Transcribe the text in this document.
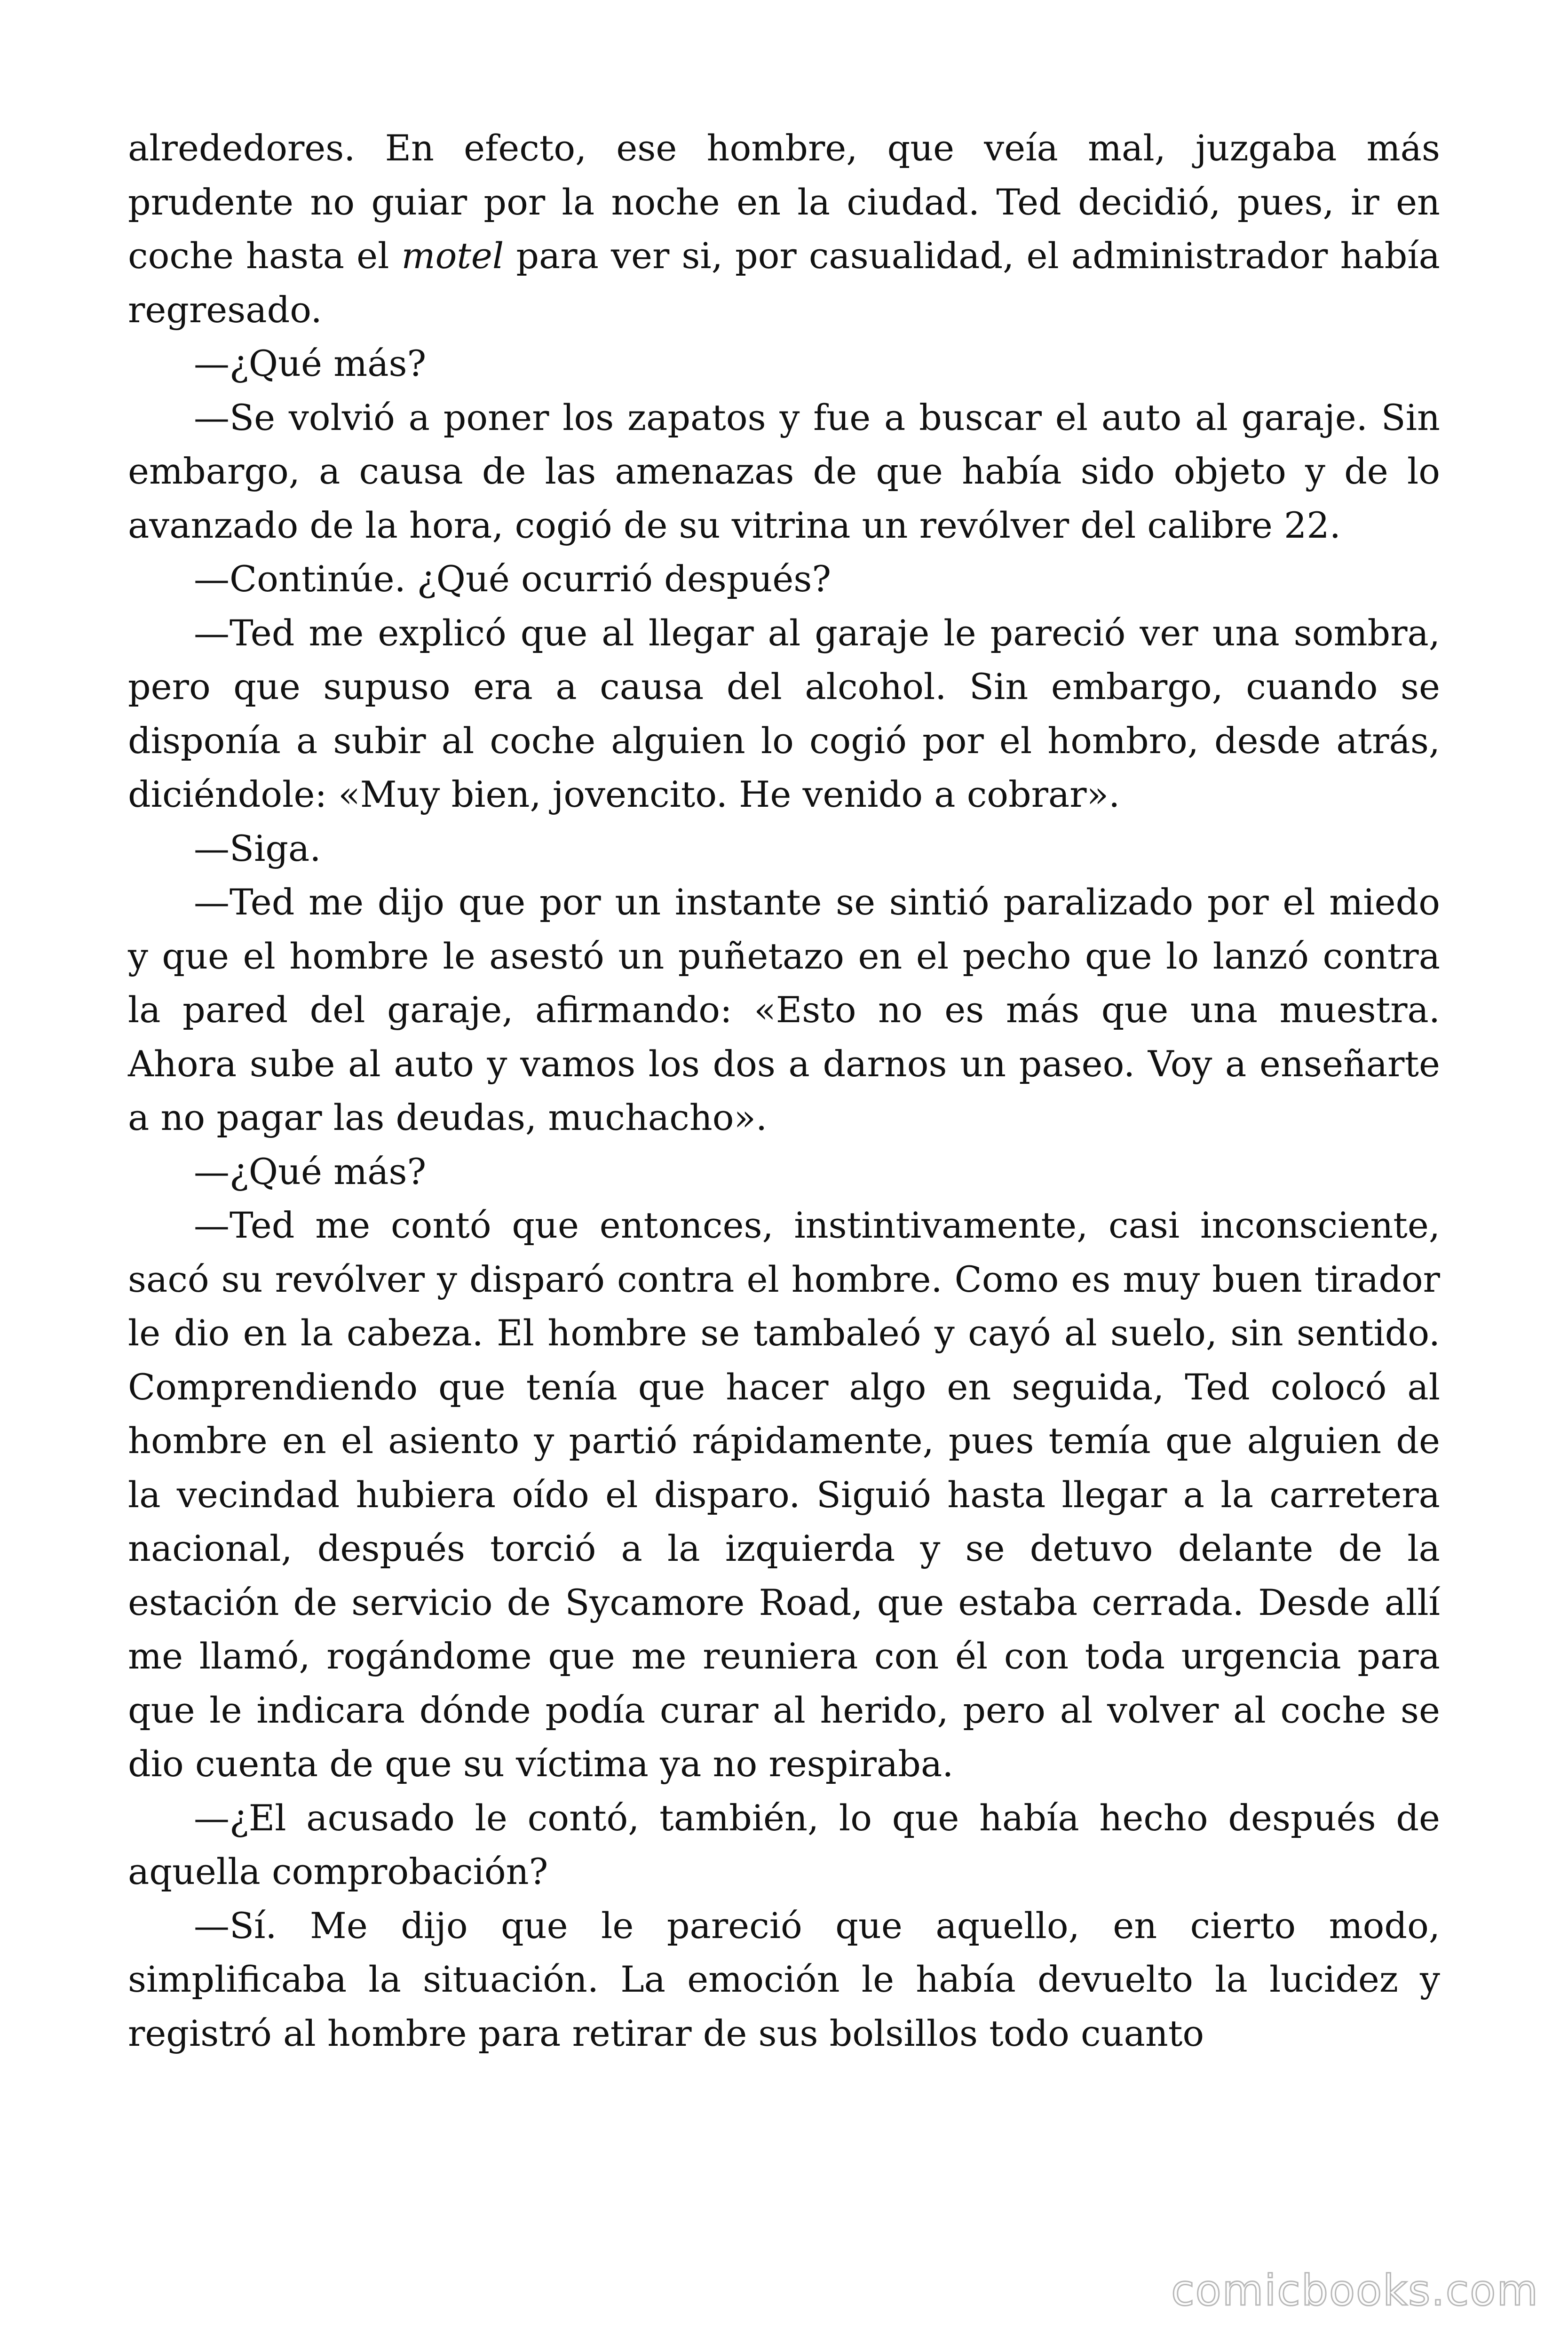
alrededores. En efecto, ese hombre, que veía mal, juzgaba más prudente no guiar por la noche en la ciudad. Ted decidió, pues, ir en coche hasta el motel para ver si, por casualidad, el administrador había regresado.

—¿Qué más?

—Se volvió a poner los zapatos y fue a buscar el auto al garaje. Sin embargo, a causa de las amenazas de que había sido objeto y de lo avanzado de la hora, cogió de su vitrina un revólver del calibre 22.

—Continúe. ¿Qué ocurrió después?

—Ted me explicó que al llegar al garaje le pareció ver una sombra, pero que supuso era a causa del alcohol. Sin embargo, cuando se disponía a subir al coche alguien lo cogió por el hombro, desde atrás, diciéndole: «Muy bien, jovencito. He venido a cobrar».

—Siga.

—Ted me dijo que por un instante se sintió paralizado por el miedo y que el hombre le asestó un puñetazo en el pecho que lo lanzó contra la pared del garaje, afirmando: «Esto no es más que una muestra. Ahora sube al auto y vamos los dos a darnos un paseo. Voy a enseñarte a no pagar las deudas, muchacho».

—¿Qué más?

—Ted me contó que entonces, instintivamente, casi inconsciente, sacó su revólver y disparó contra el hombre. Como es muy buen tirador le dio en la cabeza. El hombre se tambaleó y cayó al suelo, sin sentido. Comprendiendo que tenía que hacer algo en seguida, Ted colocó al hombre en el asiento y partió rápidamente, pues temía que alguien de la vecindad hubiera oído el disparo. Siguió hasta llegar a la carretera nacional, después torció a la izquierda y se detuvo delante de la estación de servicio de Sycamore Road, que estaba cerrada. Desde allí me llamó, rogándome que me reuniera con él con toda urgencia para que le indicara dónde podía curar al herido, pero al volver al coche se dio cuenta de que su víctima ya no respiraba.

—¿El acusado le contó, también, lo que había hecho después de aquella comprobación?

—Sí. Me dijo que le pareció que aquello, en cierto modo, simplificaba la situación. La emoción le había devuelto la lucidez y registró al hombre para retirar de sus bolsillos todo cuanto

comicbooks.com
